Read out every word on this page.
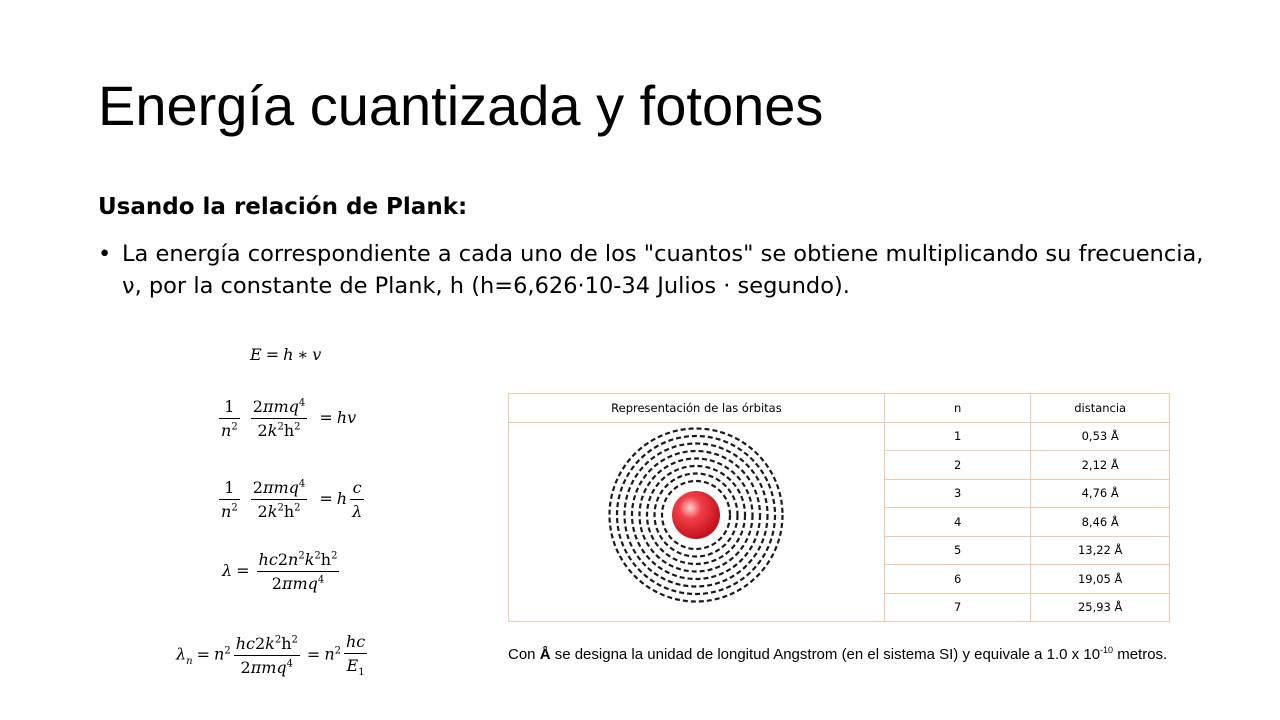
Energía cuantizada y fotones
Usando la relación de Plank:
• La energía correspondiente a cada uno de los "cuantos" se obtiene multiplicando su frecuencia, ν, por la constante de Plank, h (h=6,626·10-34 Julios · segundo).
E = h ∗ v
$\frac{1}{n^2}$
$\frac{2\pi mq^4}{2k^2h^2}$ = hv
$\frac{1}{n^2}$
$\frac{2\pi mq^4}{2k^2h^2} = h \frac{c}{\lambda}$
$\lambda = \frac{hc2n^2k^2h^2}{2\pi mq^4}$
$\lambda_n = n^2 \frac{hc2k^2h^2}{2\pi mq^4} = n^2 \frac{hc}{E_1}$
Representación de las órbitas	n	distancia

	1	0,53 Å
	2	2,12 Å
	3	4,76 Å
	4	8,46 Å
	5	13,22 Å
	6	19,05 Å
	7	25,93 Å
Con Å se designa la unidad de longitud Angstrom (en el sistema SI) y equivale a 1.0 x $10^{-10}$ metros.
